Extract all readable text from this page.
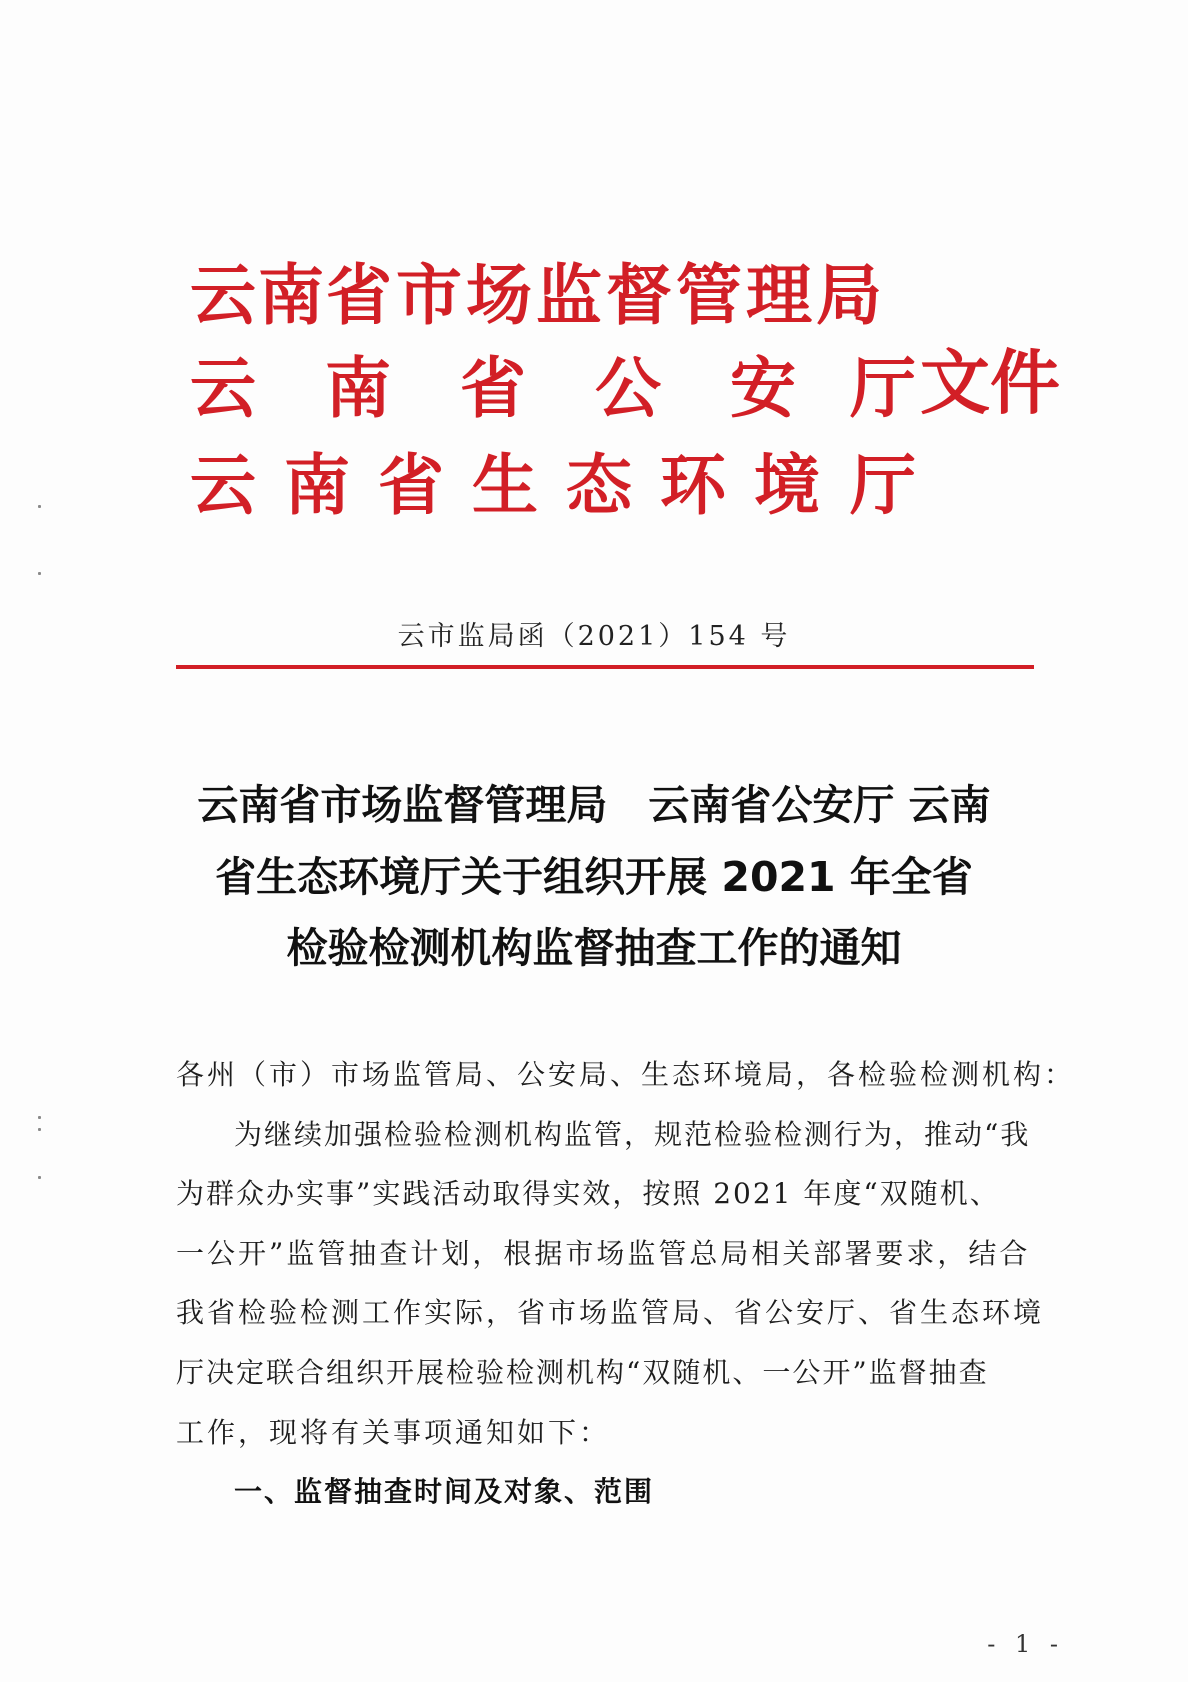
云 南 省 市 场 监 督 管 理 局
云 南 省 公 安 厅 文件
云 南 省 生 态 环 境 厅

云市监局函（2021）154 号

云南省市场监督管理局　云南省公安厅 云南

省生态环境厅关于组织开展 2021 年全省

检验检测机构监督抽查工作的通知

各州（市）市场监管局、公安局、生态环境局，各检验检测机构：

为继续加强检验检测机构监管，规范检验检测行为，推动“我

为群众办实事”实践活动取得实效，按照 2021 年度“双随机、

一公开”监管抽查计划，根据市场监管总局相关部署要求，结合

我省检验检测工作实际，省市场监管局、省公安厅、省生态环境

厅决定联合组织开展检验检测机构“双随机、一公开”监督抽查

工作，现将有关事项通知如下：

一、监督抽查时间及对象、范围

- 1 -
